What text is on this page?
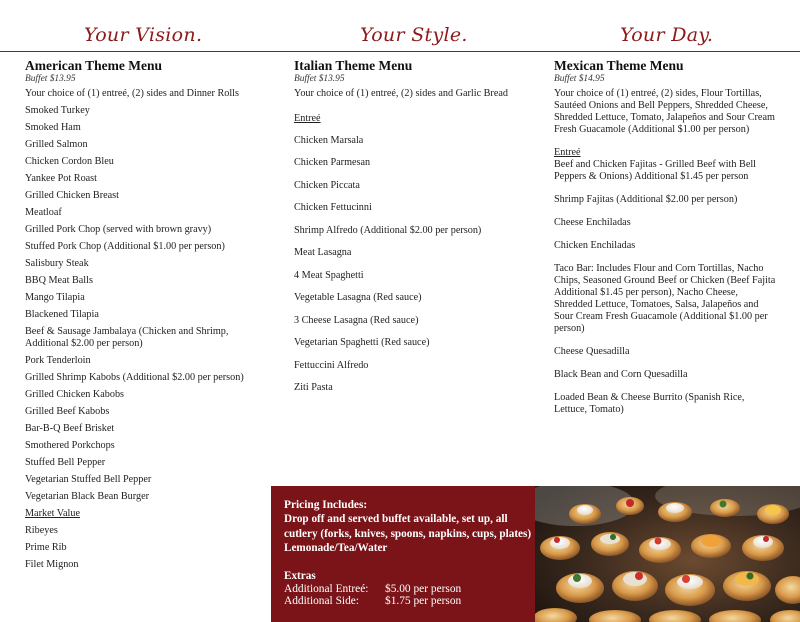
Your Vision.	Your Style.	Your Day.
American Theme Menu
Buffet $13.95
Your choice of (1) entreé, (2) sides and Dinner Rolls
Smoked Turkey
Smoked Ham
Grilled Salmon
Chicken Cordon Bleu
Yankee Pot Roast
Grilled Chicken Breast
Meatloaf
Grilled Pork Chop (served with brown gravy)
Stuffed Pork Chop (Additional $1.00 per person)
Salisbury Steak
BBQ Meat Balls
Mango Tilapia
Blackened Tilapia
Beef & Sausage Jambalaya (Chicken and Shrimp, Additional $2.00 per person)
Pork Tenderloin
Grilled Shrimp Kabobs (Additional $2.00 per person)
Grilled Chicken Kabobs
Grilled Beef Kabobs
Bar-B-Q Beef Brisket
Smothered Porkchops
Stuffed Bell Pepper
Vegetarian Stuffed Bell Pepper
Vegetarian Black Bean Burger
Market Value
Ribeyes
Prime Rib
Filet Mignon
Italian Theme Menu
Buffet $13.95
Your choice of (1) entreé, (2) sides and Garlic Bread
Entreé
Chicken Marsala
Chicken Parmesan
Chicken Piccata
Chicken Fettucinni
Shrimp Alfredo (Additional $2.00 per person)
Meat Lasagna
4 Meat Spaghetti
Vegetable Lasagna (Red sauce)
3 Cheese Lasagna (Red sauce)
Vegetarian Spaghetti (Red sauce)
Fettuccini Alfredo
Ziti Pasta
Mexican Theme Menu
Buffet $14.95
Your choice of (1) entreé, (2) sides, Flour Tortillas, Sautéed Onions and Bell Peppers, Shredded Cheese, Shredded Lettuce, Tomato, Jalapeños and Sour Cream Fresh Guacamole (Additional $1.00 per person)
Entreé
Beef and Chicken Fajitas - Grilled Beef with Bell Peppers & Onions) Additional $1.45 per person
Shrimp Fajitas (Additional $2.00 per person)
Cheese Enchiladas
Chicken Enchiladas
Taco Bar: Includes Flour and Corn Tortillas, Nacho Chips, Seasoned Ground Beef or Chicken (Beef Fajita Additional $1.45 per person), Nacho Cheese, Shredded Lettuce, Tomatoes, Salsa, Jalapeños and Sour Cream Fresh Guacamole (Additional $1.00 per person)
Cheese Quesadilla
Black Bean and Corn Quesadilla
Loaded Bean & Cheese Burrito (Spanish Rice, Lettuce, Tomato)
Pricing Includes:
Drop off and served buffet available, set up, all cutlery (forks, knives, spoons, napkins, cups, plates) Lemonade/Tea/Water
Extras
Additional Entreé:	$5.00 per person
Additional Side:	$1.75 per person
